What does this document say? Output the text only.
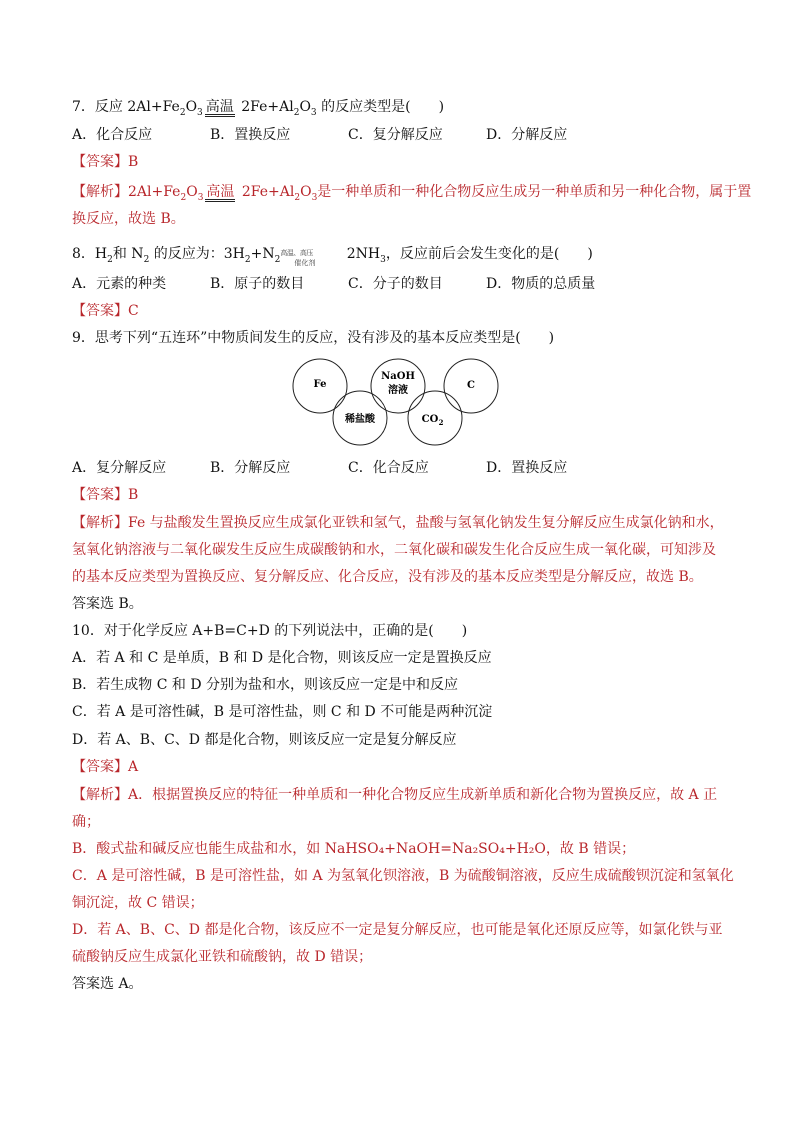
7．反应 $2Al+Fe_2O_3$ 高温 $2Fe+Al_2O_3$ 的反应类型是(　　)
A．化合反应	B．置换反应	C．复分解反应	D．分解反应
【答案】B
【解析】$2Al+Fe_2O_3$ 高温 $2Fe+Al_2O_3$是一种单质和一种化合物反应生成另一种单质和另一种化合物，属于置
换反应，故选 B。
8．$H_2$和 $N_2$ 的反应为：$3H_2+N_2$
高温、高压
催化剂
$2NH_3$，反应前后会发生变化的是(　　)
A．元素的种类	B．原子的数目	C．分子的数目	D．物质的总质量
【答案】C
9．思考下列“五连环”中物质间发生的反应，没有涉及的基本反应类型是(　　)
Fe
NaOH
溶液	C
稀盐酸	CO 2
A．复分解反应	B．分解反应	C．化合反应	D．置换反应
【答案】B
【解析】Fe 与盐酸发生置换反应生成氯化亚铁和氢气，盐酸与氢氧化钠发生复分解反应生成氯化钠和水，
氢氧化钠溶液与二氧化碳发生反应生成碳酸钠和水，二氧化碳和碳发生化合反应生成一氧化碳，可知涉及
的基本反应类型为置换反应、复分解反应、化合反应，没有涉及的基本反应类型是分解反应，故选 B。
答案选 B。
10．对于化学反应 A+B=C+D 的下列说法中，正确的是(　　)
A．若 A 和 C 是单质，B 和 D 是化合物，则该反应一定是置换反应
B．若生成物 C 和 D 分别为盐和水，则该反应一定是中和反应
C．若 A 是可溶性碱，B 是可溶性盐，则 C 和 D 不可能是两种沉淀
D．若 A、B、C、D 都是化合物，则该反应一定是复分解反应
【答案】A
【解析】A．根据置换反应的特征一种单质和一种化合物反应生成新单质和新化合物为置换反应，故 A 正
确；
B．酸式盐和碱反应也能生成盐和水，如 NaHSO₄+NaOH=Na₂SO₄+H₂O，故 B 错误；
C．A 是可溶性碱，B 是可溶性盐，如 A 为氢氧化钡溶液，B 为硫酸铜溶液，反应生成硫酸钡沉淀和氢氧化
铜沉淀，故 C 错误；
D．若 A、B、C、D 都是化合物，该反应不一定是复分解反应，也可能是氧化还原反应等，如氯化铁与亚
硫酸钠反应生成氯化亚铁和硫酸钠，故 D 错误；
答案选 A。
